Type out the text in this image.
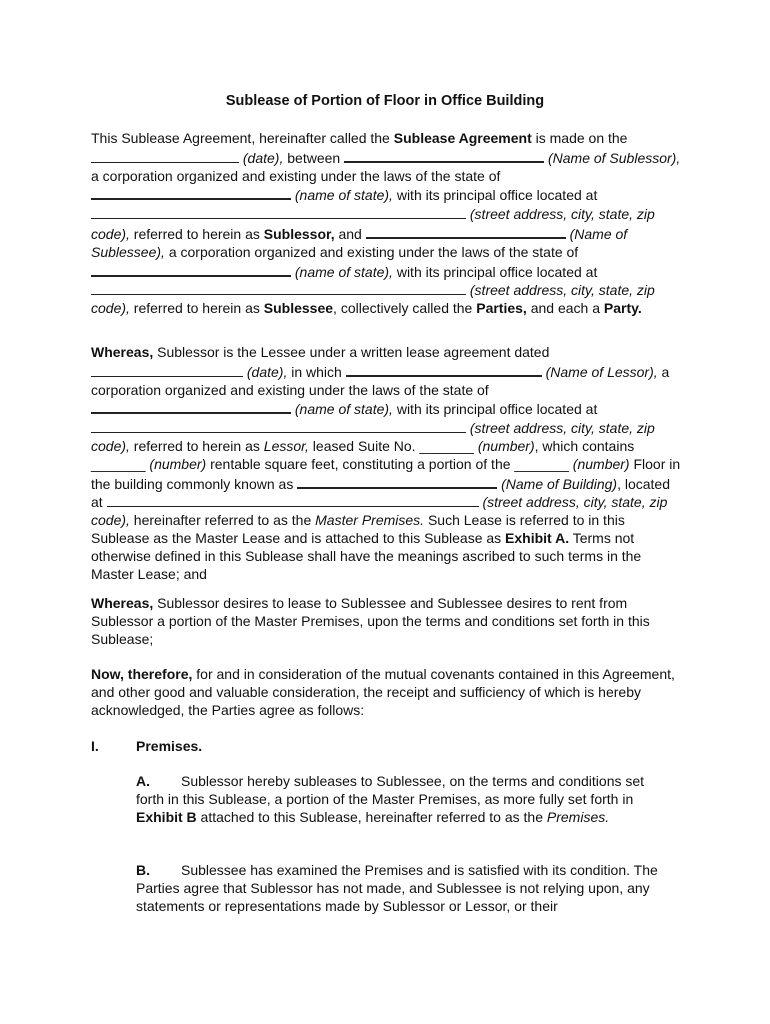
Sublease of Portion of Floor in Office Building

This Sublease Agreement, hereinafter called the Sublease Agreement is made on the
(date), between	(Name of Sublessor), a corporation organized and existing under the laws of the state of  (name of state), with its principal office located at  (street address, city, state, zip code), referred to herein as Sublessor, and	(Name of Sublessee), a corporation organized and existing under the laws of the state of  (name of state), with its principal office located at  (street address, city, state, zip code), referred to herein as Sublessee, collectively called the Parties, and each a Party.

Whereas, Sublessor is the Lessee under a written lease agreement dated
(date), in which	(Name of Lessor), a corporation organized and existing under the laws of the state of  (name of state), with its principal office located at  (street address, city, state, zip code), referred to herein as Lessor, leased Suite No. _______ (number), which contains _______ (number) rentable square feet, constituting a portion of the _______ (number) Floor in the building commonly known as	(Name of Building), located at	(street address, city, state, zip code), hereinafter referred to as the Master Premises. Such Lease is referred to in this Sublease as the Master Lease and is attached to this Sublease as Exhibit A. Terms not otherwise defined in this Sublease shall have the meanings ascribed to such terms in the Master Lease; and

Whereas, Sublessor desires to lease to Sublessee and Sublessee desires to rent from Sublessor a portion of the Master Premises, upon the terms and conditions set forth in this Sublease;

Now, therefore, for and in consideration of the mutual covenants contained in this Agreement, and other good and valuable consideration, the receipt and sufficiency of which is hereby acknowledged, the Parties agree as follows:

I.	Premises.

A. Sublessor hereby subleases to Sublessee, on the terms and conditions set forth in this Sublease, a portion of the Master Premises, as more fully set forth in Exhibit B attached to this Sublease, hereinafter referred to as the Premises.

B. Sublessee has examined the Premises and is satisfied with its condition. The Parties agree that Sublessor has not made, and Sublessee is not relying upon, any statements or representations made by Sublessor or Lessor, or their
